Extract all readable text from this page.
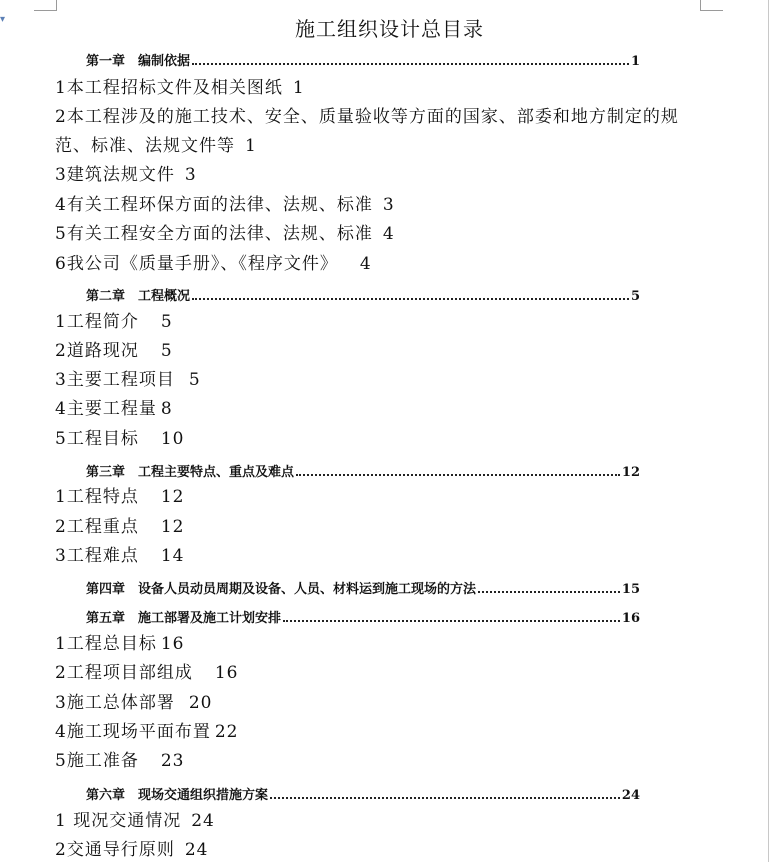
▾	施工组织设计总目录
第一章　编制依据	1
1本工程招标文件及相关图纸 1
2本工程涉及的施工技术、安全、质量验收等方面的国家、部委和地方制定的规
范、标准、法规文件等 1
3建筑法规文件 3
4有关工程环保方面的法律、法规、标准 3
5有关工程安全方面的法律、法规、标准 4
6我公司《质量手册》、《程序文件》 4
第二章　工程概况	5
1工程简介 5
2道路现况 5
3主要工程项目 5
4主要工程量 8
5工程目标 10
第三章　工程主要特点、重点及难点	12
1工程特点 12
2工程重点 12
3工程难点 14
第四章　设备人员动员周期及设备、人员、材料运到施工现场的方法	15
第五章　施工部署及施工计划安排	16
1工程总目标 16
2工程项目部组成 16
3施工总体部署 20
4施工现场平面布置 22
5施工准备 23
第六章　现场交通组织措施方案	24
1 现况交通情况 24
2交通导行原则 24
